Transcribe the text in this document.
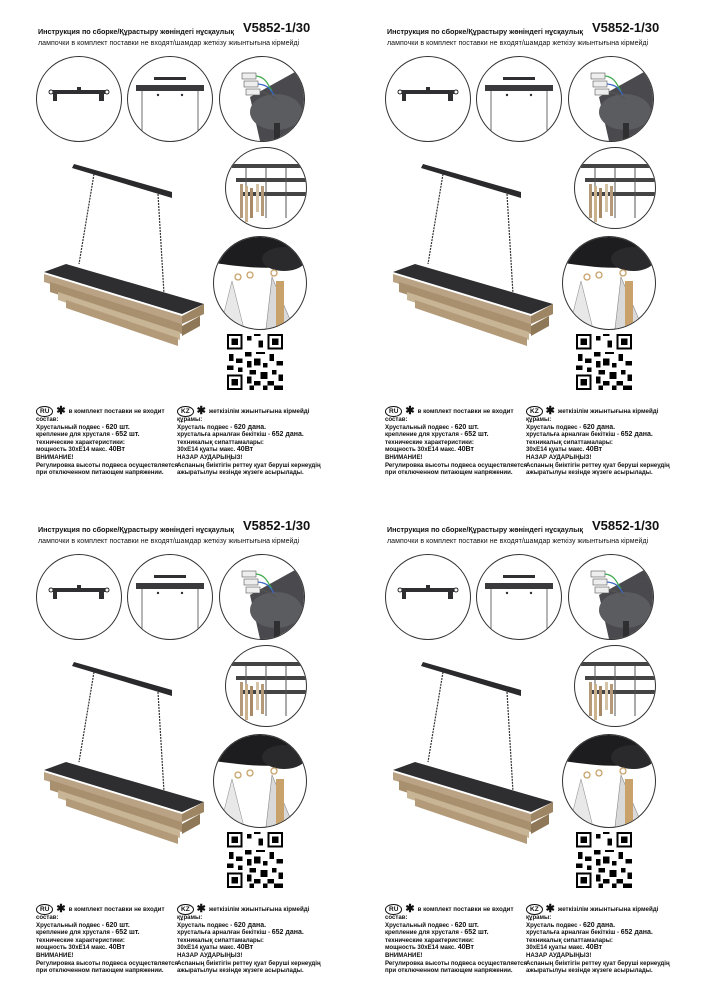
Инструкция по сборке/Құрастыру жөніндегі нұсқаулық V5852-1/30
лампочки в комплект поставки не входят/шамдар жеткізу жиынтығына кірмейді
RU ✱ в комплект поставки не входит	KZ ✱ жеткізілім жиынтығына кірмейді
состав:
Хрустальный подвес - 620 шт.
крепление для хрусталя - 652 шт.
технические характеристики:
мощность 30хЕ14 макс. 40Вт
ВНИМАНИЕ!
Регулировка высоты подвеса осуществляется
при отключенном питающем напряжении.
құрамы:
Хрусталь подвес - 620 дана.
хрустальға арналған бекіткіш - 652 дана.
техникалық сипаттамалары:
30хЕ14 қуаты макс. 40Вт
НАЗАР АУДАРЫҢЫЗ!
Аспаның биіктігін реттеу қуат беруші кернеудің
ажыратылуы кезінде жүзеге асырылады.
Инструкция по сборке/Құрастыру жөніндегі нұсқаулық V5852-1/30
лампочки в комплект поставки не входят/шамдар жеткізу жиынтығына кірмейді
RU ✱ в комплект поставки не входит	KZ ✱ жеткізілім жиынтығына кірмейді
состав:
Хрустальный подвес - 620 шт.
крепление для хрусталя - 652 шт.
технические характеристики:
мощность 30хЕ14 макс. 40Вт
ВНИМАНИЕ!
Регулировка высоты подвеса осуществляется
при отключенном питающем напряжении.
құрамы:
Хрусталь подвес - 620 дана.
хрустальға арналған бекіткіш - 652 дана.
техникалық сипаттамалары:
30хЕ14 қуаты макс. 40Вт
НАЗАР АУДАРЫҢЫЗ!
Аспаның биіктігін реттеу қуат беруші кернеудің
ажыратылуы кезінде жүзеге асырылады.
Инструкция по сборке/Құрастыру жөніндегі нұсқаулық V5852-1/30
лампочки в комплект поставки не входят/шамдар жеткізу жиынтығына кірмейді
RU ✱ в комплект поставки не входит	KZ ✱ жеткізілім жиынтығына кірмейді
состав:
Хрустальный подвес - 620 шт.
крепление для хрусталя - 652 шт.
технические характеристики:
мощность 30хЕ14 макс. 40Вт
ВНИМАНИЕ!
Регулировка высоты подвеса осуществляется
при отключенном питающем напряжении.
құрамы:
Хрусталь подвес - 620 дана.
хрустальға арналған бекіткіш - 652 дана.
техникалық сипаттамалары:
30хЕ14 қуаты макс. 40Вт
НАЗАР АУДАРЫҢЫЗ!
Аспаның биіктігін реттеу қуат беруші кернеудің
ажыратылуы кезінде жүзеге асырылады.
Инструкция по сборке/Құрастыру жөніндегі нұсқаулық V5852-1/30
лампочки в комплект поставки не входят/шамдар жеткізу жиынтығына кірмейді
RU ✱ в комплект поставки не входит	KZ ✱ жеткізілім жиынтығына кірмейді
состав:
Хрустальный подвес - 620 шт.
крепление для хрусталя - 652 шт.
технические характеристики:
мощность 30хЕ14 макс. 40Вт
ВНИМАНИЕ!
Регулировка высоты подвеса осуществляется
при отключенном питающем напряжении.
құрамы:
Хрусталь подвес - 620 дана.
хрустальға арналған бекіткіш - 652 дана.
техникалық сипаттамалары:
30хЕ14 қуаты макс. 40Вт
НАЗАР АУДАРЫҢЫЗ!
Аспаның биіктігін реттеу қуат беруші кернеудің
ажыратылуы кезінде жүзеге асырылады.
